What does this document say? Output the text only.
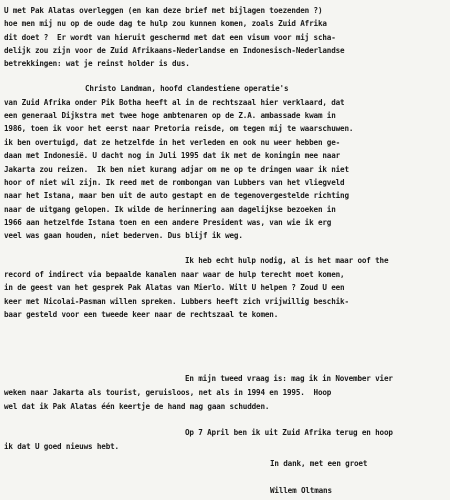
U met Pak Alatas overleggen (en kan deze brief met bijlagen toezenden ?)
hoe men mij nu op de oude dag te hulp zou kunnen komen, zoals Zuid Afrika
dit doet ?  Er wordt van hieruit geschermd met dat een visum voor mij scha-
delijk zou zijn voor de Zuid Afrikaans-Nederlandse en Indonesisch-Nederlandse
betrekkingen: wat je reinst holder is dus.
Christo Landman, hoofd clandestiene operatie's
van Zuid Afrika onder Pik Botha heeft al in de rechtszaal hier verklaard, dat
een generaal Dijkstra met twee hoge ambtenaren op de Z.A. ambassade kwam in
1986, toen ik voor het eerst naar Pretoria reisde, om tegen mij te waarschuwen.
ik ben overtuigd, dat ze hetzelfde in het verleden en ook nu weer hebben ge-
daan met Indonesië. U dacht nog in Juli 1995 dat ik met de koningin mee naar
Jakarta zou reizen.  Ik ben niet kurang adjar om me op te dringen waar ik niet
hoor of niet wil zijn. Ik reed met de rombongan van Lubbers van het vliegveld
naar het Istana, maar ben uit de auto gestapt en de tegenovergestelde richting
naar de uitgang gelopen. Ik wilde de herinnering aan dagelijkse bezoeken in
1966 aan hetzelfde Istana toen en een andere President was, van wie ik erg
veel was gaan houden, niet bederven. Dus blijf ik weg.
Ik heb echt hulp nodig, al is het maar oof the
record of indirect via bepaalde kanalen naar waar de hulp terecht moet komen,
in de geest van het gesprek Pak Alatas van Mierlo. Wilt U helpen ? Zoud U een
keer met Nicolai-Pasman willen spreken. Lubbers heeft zich vrijwillig beschik-
baar gesteld voor een tweede keer naar de rechtszaal te komen.
En mijn tweed vraag is: mag ik in November vier
weken naar Jakarta als tourist, geruisloos, net als in 1994 en 1995.  Hoop
wel dat ik Pak Alatas één keertje de hand mag gaan schudden.
Op 7 April ben ik uit Zuid Afrika terug en hoop
ik dat U goed nieuws hebt.
In dank, met een groet
Willem Oltmans
